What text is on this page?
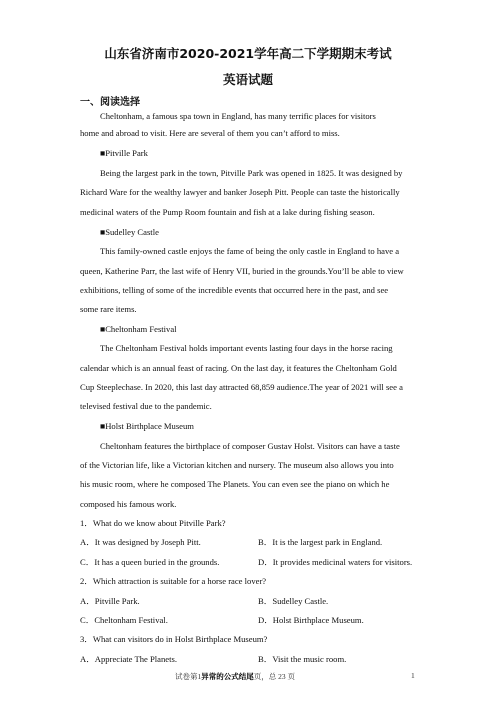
山东省济南市2020-2021学年高二下学期期末考试
英语试题
一、阅读选择
Cheltonham, a famous spa town in England, has many terrific places for visitors
home and abroad to visit. Here are several of them you can’t afford to miss.
■Pitville Park
Being the largest park in the town, Pitville Park was opened in 1825. It was designed by
Richard Ware for the wealthy lawyer and banker Joseph Pitt. People can taste the historically
medicinal waters of the Pump Room fountain and fish at a lake during fishing season.
■Sudelley Castle
This family-owned castle enjoys the fame of being the only castle in England to have a
queen, Katherine Parr, the last wife of Henry VII, buried in the grounds.You’ll be able to view
exhibitions, telling of some of the incredible events that occurred here in the past, and see
some rare items.
■Cheltonham Festival
The Cheltonham Festival holds important events lasting four days in the horse racing
calendar which is an annual feast of racing. On the last day, it features the Cheltonham Gold
Cup Steeplechase. In 2020, this last day attracted 68,859 audience.The year of 2021 will see a
televised festival due to the pandemic.
■Holst Birthplace Museum
Cheltonham features the birthplace of composer Gustav Holst. Visitors can have a taste
of the Victorian life, like a Victorian kitchen and nursery. The museum also allows you into
his music room, where he composed The Planets. You can even see the piano on which he
composed his famous work.
1．What do we know about Pitville Park?
A．It was designed by Joseph Pitt.	B．It is the largest park in England.
C．It has a queen buried in the grounds.	D．It provides medicinal waters for visitors.
2．Which attraction is suitable for a horse race lover?
A．Pitville Park.	B．Sudelley Castle.
C．Cheltonham Festival.	D．Holst Birthplace Museum.
3．What can visitors do in Holst Birthplace Museum?
A．Appreciate The Planets.	B．Visit the music room.
试卷第1异常的公式结尾页，总 23 页	1
